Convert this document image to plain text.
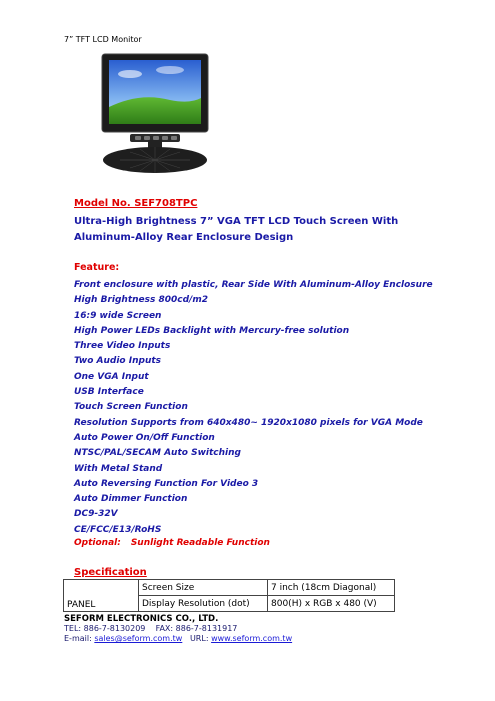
7” TFT LCD Monitor
Model No. SEF708TPC
Ultra-High Brightness 7” VGA TFT LCD Touch Screen With
Aluminum-Alloy Rear Enclosure Design
Feature:
Front enclosure with plastic, Rear Side With Aluminum-Alloy Enclosure
High Brightness 800cd/m2
16:9 wide Screen
High Power LEDs Backlight with Mercury-free solution
Three Video Inputs
Two Audio Inputs
One VGA Input
USB Interface
Touch Screen Function
Resolution Supports from 640x480~ 1920x1080 pixels for VGA Mode
Auto Power On/Off Function
NTSC/PAL/SECAM Auto Switching
With Metal Stand
Auto Reversing Function For Video 3
Auto Dimmer Function
DC9-32V
CE/FCC/E13/RoHS
Optional: Sunlight Readable Function
Specification
PANEL	Screen Size	7 inch (18cm Diagonal)
	Display Resolution (dot)	800(H) x RGB x 480 (V)
SEFORM ELECTRONICS CO., LTD.
TEL: 886-7-8130209 FAX: 886-7-8131917
E-mail: sales@seform.com.tw URL: www.seform.com.tw
